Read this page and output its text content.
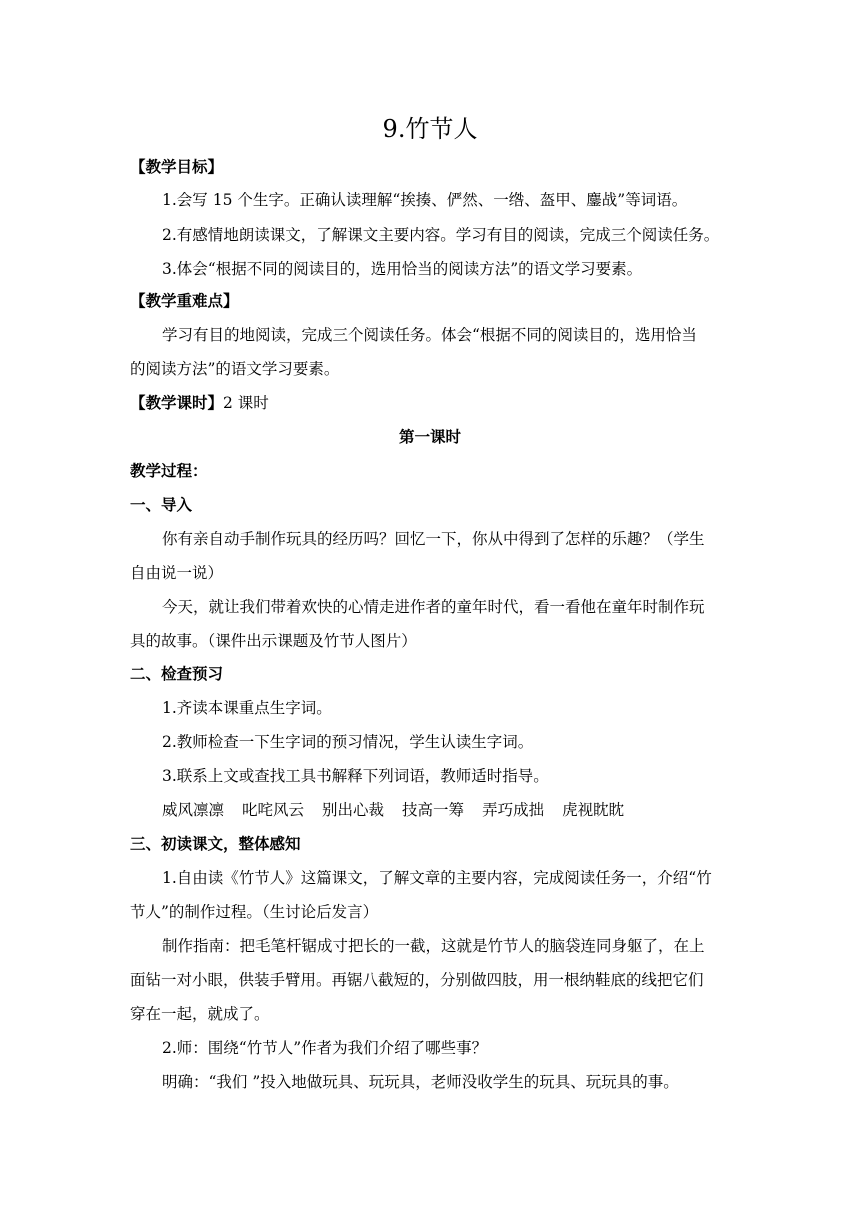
9.竹节人
【教学目标】
1.会写 15 个生字。正确认读理解“挨揍、俨然、一绺、盔甲、鏖战”等词语。
2.有感情地朗读课文，了解课文主要内容。学习有目的阅读，完成三个阅读任务。
3.体会“根据不同的阅读目的，选用恰当的阅读方法”的语文学习要素。
【教学重难点】
学习有目的地阅读，完成三个阅读任务。体会“根据不同的阅读目的，选用恰当
的阅读方法”的语文学习要素。
【教学课时】2 课时
第一课时
教学过程：
一、导入
你有亲自动手制作玩具的经历吗？回忆一下，你从中得到了怎样的乐趣？（学生
自由说一说）
今天，就让我们带着欢快的心情走进作者的童年时代，看一看他在童年时制作玩
具的故事。（课件出示课题及竹节人图片）
二、检查预习
1.齐读本课重点生字词。
2.教师检查一下生字词的预习情况，学生认读生字词。
3.联系上文或查找工具书解释下列词语，教师适时指导。
威风凛凛 叱咤风云 别出心裁 技高一筹 弄巧成拙 虎视眈眈
三、初读课文，整体感知
1.自由读《竹节人》这篇课文，了解文章的主要内容，完成阅读任务一，介绍“竹
节人”的制作过程。（生讨论后发言）
制作指南：把毛笔杆锯成寸把长的一截，这就是竹节人的脑袋连同身躯了，在上
面钻一对小眼，供装手臂用。再锯八截短的，分别做四肢，用一根纳鞋底的线把它们
穿在一起，就成了。
2.师：围绕“竹节人”作者为我们介绍了哪些事？
明确：“我们 ”投入地做玩具、玩玩具，老师没收学生的玩具、玩玩具的事。
